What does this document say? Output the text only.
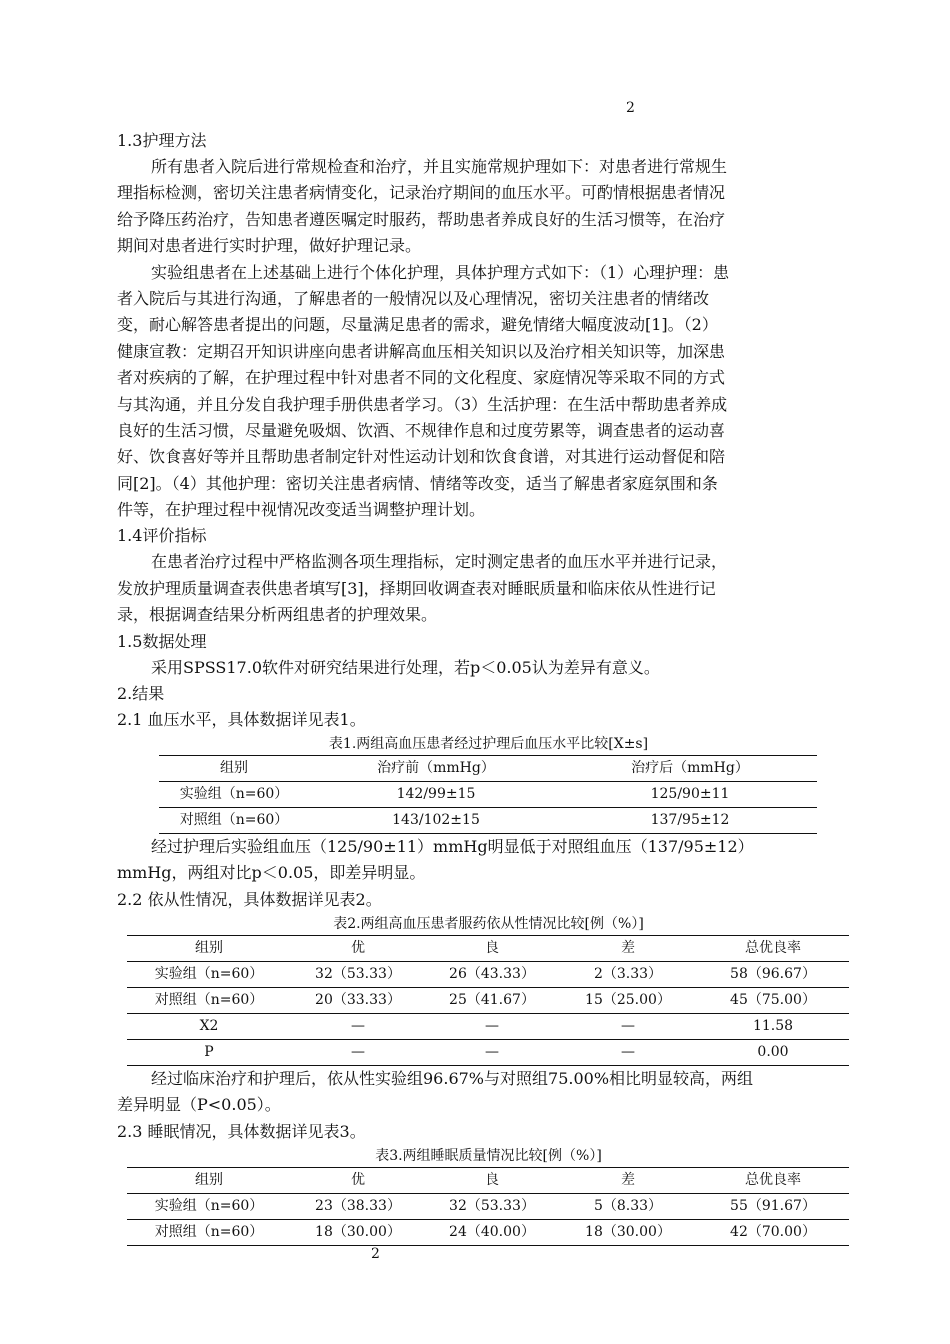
2
1.3护理方法
所有患者入院后进行常规检查和治疗，并且实施常规护理如下：对患者进行常规生
理指标检测，密切关注患者病情变化，记录治疗期间的血压水平。可酌情根据患者情况
给予降压药治疗，告知患者遵医嘱定时服药，帮助患者养成良好的生活习惯等，在治疗
期间对患者进行实时护理，做好护理记录。
实验组患者在上述基础上进行个体化护理，具体护理方式如下：（1）心理护理：患
者入院后与其进行沟通，了解患者的一般情况以及心理情况，密切关注患者的情绪改
变，耐心解答患者提出的问题，尽量满足患者的需求，避免情绪大幅度波动[1]。（2）
健康宣教：定期召开知识讲座向患者讲解高血压相关知识以及治疗相关知识等，加深患
者对疾病的了解，在护理过程中针对患者不同的文化程度、家庭情况等采取不同的方式
与其沟通，并且分发自我护理手册供患者学习。（3）生活护理：在生活中帮助患者养成
良好的生活习惯，尽量避免吸烟、饮酒、不规律作息和过度劳累等，调查患者的运动喜
好、饮食喜好等并且帮助患者制定针对性运动计划和饮食食谱，对其进行运动督促和陪
同[2]。（4）其他护理：密切关注患者病情、情绪等改变，适当了解患者家庭氛围和条
件等，在护理过程中视情况改变适当调整护理计划。
1.4评价指标
在患者治疗过程中严格监测各项生理指标，定时测定患者的血压水平并进行记录，
发放护理质量调查表供患者填写[3]，择期回收调查表对睡眠质量和临床依从性进行记
录，根据调查结果分析两组患者的护理效果。
1.5数据处理
采用SPSS17.0软件对研究结果进行处理，若p＜0.05认为差异有意义。
2.结果
2.1 血压水平，具体数据详见表1。
表1.两组高血压患者经过护理后血压水平比较[X±s]
组别	治疗前（mmHg）	治疗后（mmHg）
实验组（n=60）	142/99±15	125/90±11
对照组（n=60）	143/102±15	137/95±12
经过护理后实验组血压（125/90±11）mmHg明显低于对照组血压（137/95±12）
mmHg，两组对比p＜0.05，即差异明显。
2.2 依从性情况，具体数据详见表2。
表2.两组高血压患者服药依从性情况比较[例（%）]
组别	优	良	差	总优良率
实验组（n=60）	32（53.33）	26（43.33）	2（3.33）	58（96.67）
对照组（n=60）	20（33.33）	25（41.67）	15（25.00）	45（75.00）
X2	—	—	—	11.58
P	—	—	—	0.00
经过临床治疗和护理后，依从性实验组96.67%与对照组75.00%相比明显较高，两组
差异明显（P<0.05）。
2.3 睡眠情况，具体数据详见表3。
表3.两组睡眠质量情况比较[例（%）]
组别	优	良	差	总优良率
实验组（n=60）	23（38.33）	32（53.33）	5（8.33）	55（91.67）
对照组（n=60）	18（30.00）	24（40.00）	18（30.00）	42（70.00）
2
